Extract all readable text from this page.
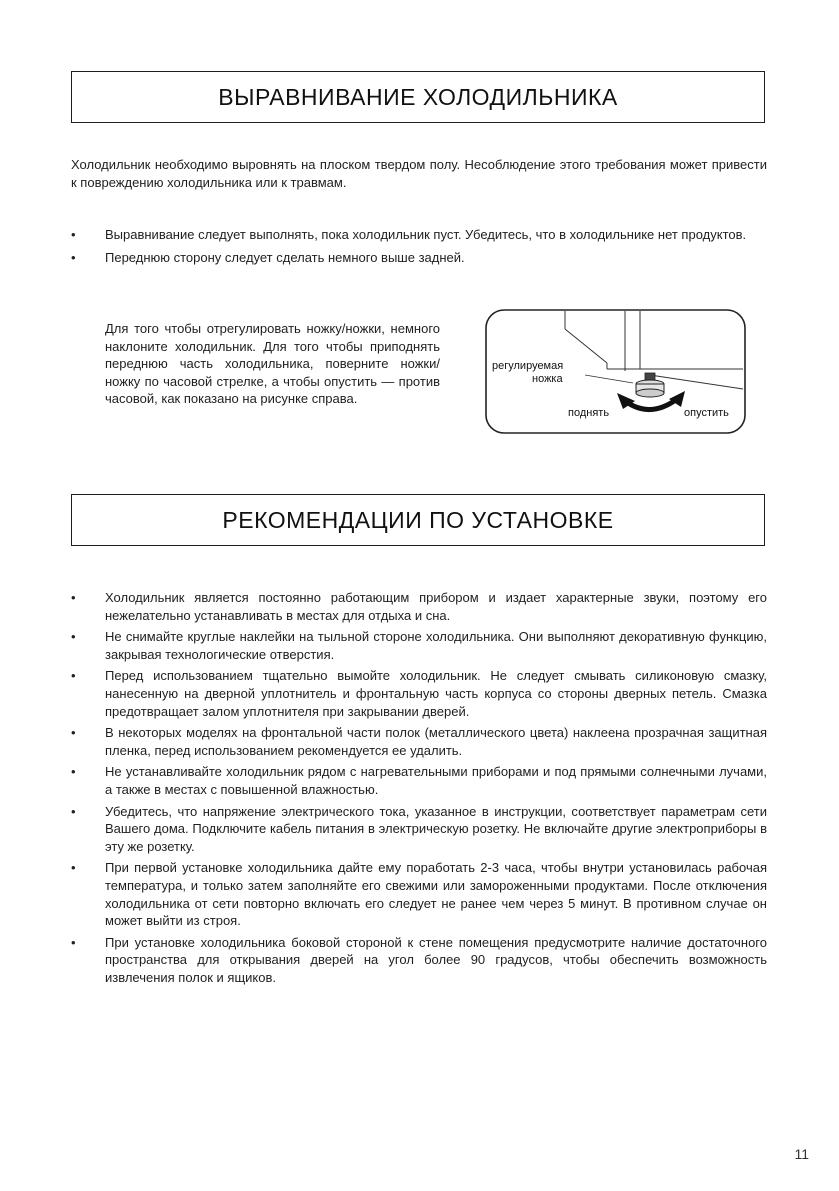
ВЫРАВНИВАНИЕ ХОЛОДИЛЬНИКА

Холодильник необходимо выровнять на плоском твердом полу. Несоблюдение этого требования может привести к повреждению холодильника или к травмам.

•	Выравнивание следует выполнять, пока холодильник пуст. Убедитесь, что в холодильнике нет продуктов.
•	Переднюю сторону следует сделать немного выше задней.

Для того чтобы отрегулировать ножку/ножки, немного наклоните холодильник. Для того чтобы приподнять переднюю часть холодильника, поверните ножки/ножку по часовой стрелке, а чтобы опустить — против часовой, как показано на рисунке справа.

регулируемая
ножка
поднять	опустить
РЕКОМЕНДАЦИИ ПО УСТАНОВКЕ
•	Холодильник является постоянно работающим прибором и издает характерные звуки, поэтому его нежелательно устанавливать в местах для отдыха и сна.
•	Не снимайте круглые наклейки на тыльной стороне холодильника. Они выполняют декоративную функцию, закрывая технологические отверстия.
•	Перед использованием тщательно вымойте холодильник. Не следует смывать силиконовую смазку, нанесенную на дверной уплотнитель и фронтальную часть корпуса со стороны дверных петель. Смазка предотвращает залом уплотнителя при закрывании дверей.
•	В некоторых моделях на фронтальной части полок (металлического цвета) наклеена прозрачная защитная пленка, перед использованием рекомендуется ее удалить.
•	Не устанавливайте холодильник рядом с нагревательными приборами и под прямыми солнечными лучами, а также в местах с повышенной влажностью.
•	Убедитесь, что напряжение электрического тока, указанное в инструкции, соответствует параметрам сети Вашего дома. Подключите кабель питания в электрическую розетку. Не включайте другие электроприборы в эту же розетку.
•	При первой установке холодильника дайте ему поработать 2-3 часа, чтобы внутри установилась рабочая температура, и только затем заполняйте его свежими или замороженными продуктами. После отключения холодильника от сети повторно включать его следует не ранее чем через 5 минут. В противном случае он может выйти из строя.
•	При установке холодильника боковой стороной к стене помещения предусмотрите наличие достаточного пространства для открывания дверей на угол более 90 градусов, чтобы обеспечить возможность извлечения полок и ящиков.
11
